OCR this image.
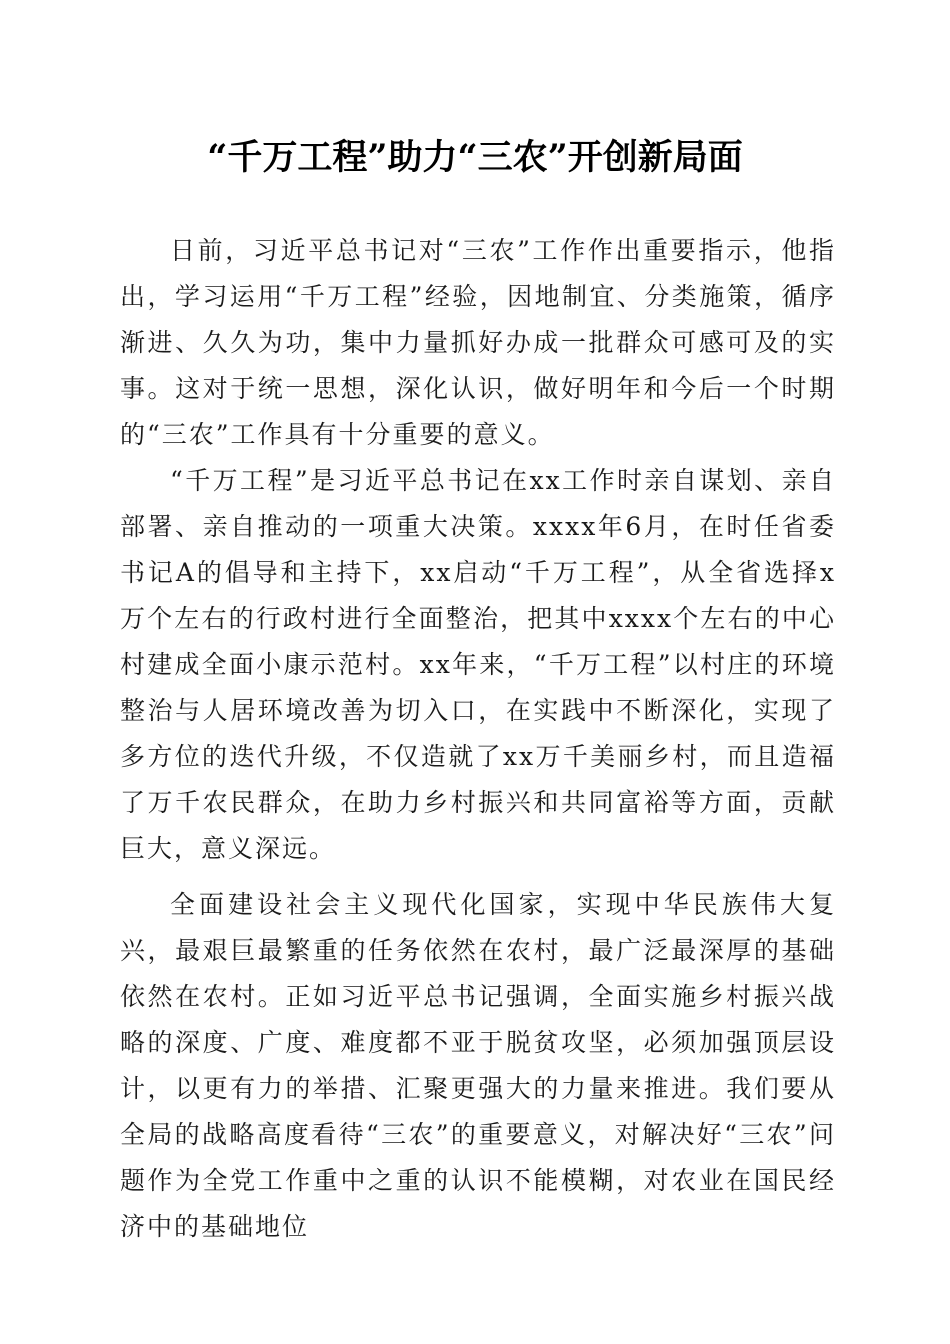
“千万工程”助力“三农”开创新局面

日前，习近平总书记对“三农”工作作出重要指示，他指出，学习运用“千万工程”经验，因地制宜、分类施策，循序渐进、久久为功，集中力量抓好办成一批群众可感可及的实事。这对于统一思想，深化认识，做好明年和今后一个时期的“三农”工作具有十分重要的意义。

“千万工程”是习近平总书记在xx工作时亲自谋划、亲自部署、亲自推动的一项重大决策。xxxx年6月，在时任省委书记A的倡导和主持下，xx启动“千万工程”，从全省选择x万个左右的行政村进行全面整治，把其中xxxx个左右的中心村建成全面小康示范村。xx年来，“千万工程”以村庄的环境整治与人居环境改善为切入口，在实践中不断深化，实现了多方位的迭代升级，不仅造就了xx万千美丽乡村，而且造福了万千农民群众，在助力乡村振兴和共同富裕等方面，贡献巨大，意义深远。

全面建设社会主义现代化国家，实现中华民族伟大复兴，最艰巨最繁重的任务依然在农村，最广泛最深厚的基础依然在农村。正如习近平总书记强调，全面实施乡村振兴战略的深度、广度、难度都不亚于脱贫攻坚，必须加强顶层设计，以更有力的举措、汇聚更强大的力量来推进。我们要从全局的战略高度看待“三农”的重要意义，对解决好“三农”问题作为全党工作重中之重的认识不能模糊，对农业在国民经济中的基础地位
